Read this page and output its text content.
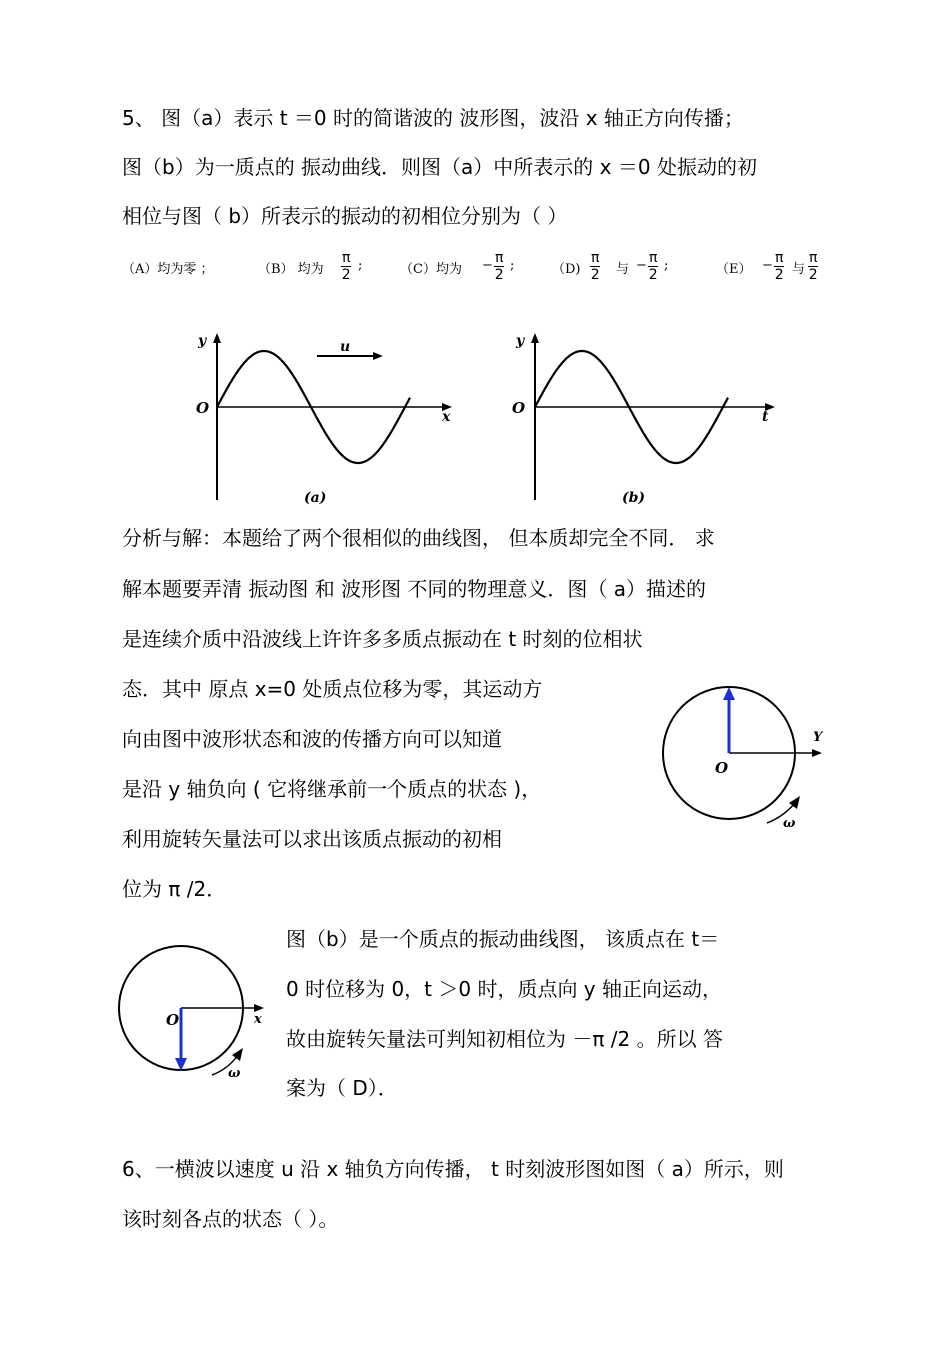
5、 图（a）表示 t ＝0 时的简谐波的 波形图，波沿 x 轴正方向传播；
图（b）为一质点的 振动曲线．则图（a）中所表示的 x ＝0 处振动的初
相位与图（ b）所表示的振动的初相位分别为（ ）
（A）均为零 ；	（B） 均为 $\frac{\pi}{2}$ ;	（C）均为 − $\frac{\pi}{2}$ ;	$(D) \frac{\pi}{2}$ 与 − $\frac{\pi}{2}$ ;	$(E) - \frac{\pi}{2}$ 与 $\frac{\pi}{2}$
y
O	x
u
(a)
y
O	t
(b)
分析与解：本题给了两个很相似的曲线图， 但本质却完全不同． 求
解本题要弄清 振动图 和 波形图 不同的物理意义．图（ a）描述的
是连续介质中沿波线上许许多多质点振动在 t 时刻的位相状
态．其中 原点 x=0 处质点位移为零，其运动方
向由图中波形状态和波的传播方向可以知道
是沿 y 轴负向 ( 它将继承前一个质点的状态 )，
利用旋转矢量法可以求出该质点振动的初相
位为 π /2．
O
Y
ω
O	x
ω
图（b）是一个质点的振动曲线图， 该质点在 t＝
0 时位移为 0，t ＞0 时，质点向 y 轴正向运动，
故由旋转矢量法可判知初相位为 －π /2 。所以 答
案为（ D）．
6、一横波以速度 u 沿 x 轴负方向传播， t 时刻波形图如图（ a）所示，则
该时刻各点的状态（ ）。
